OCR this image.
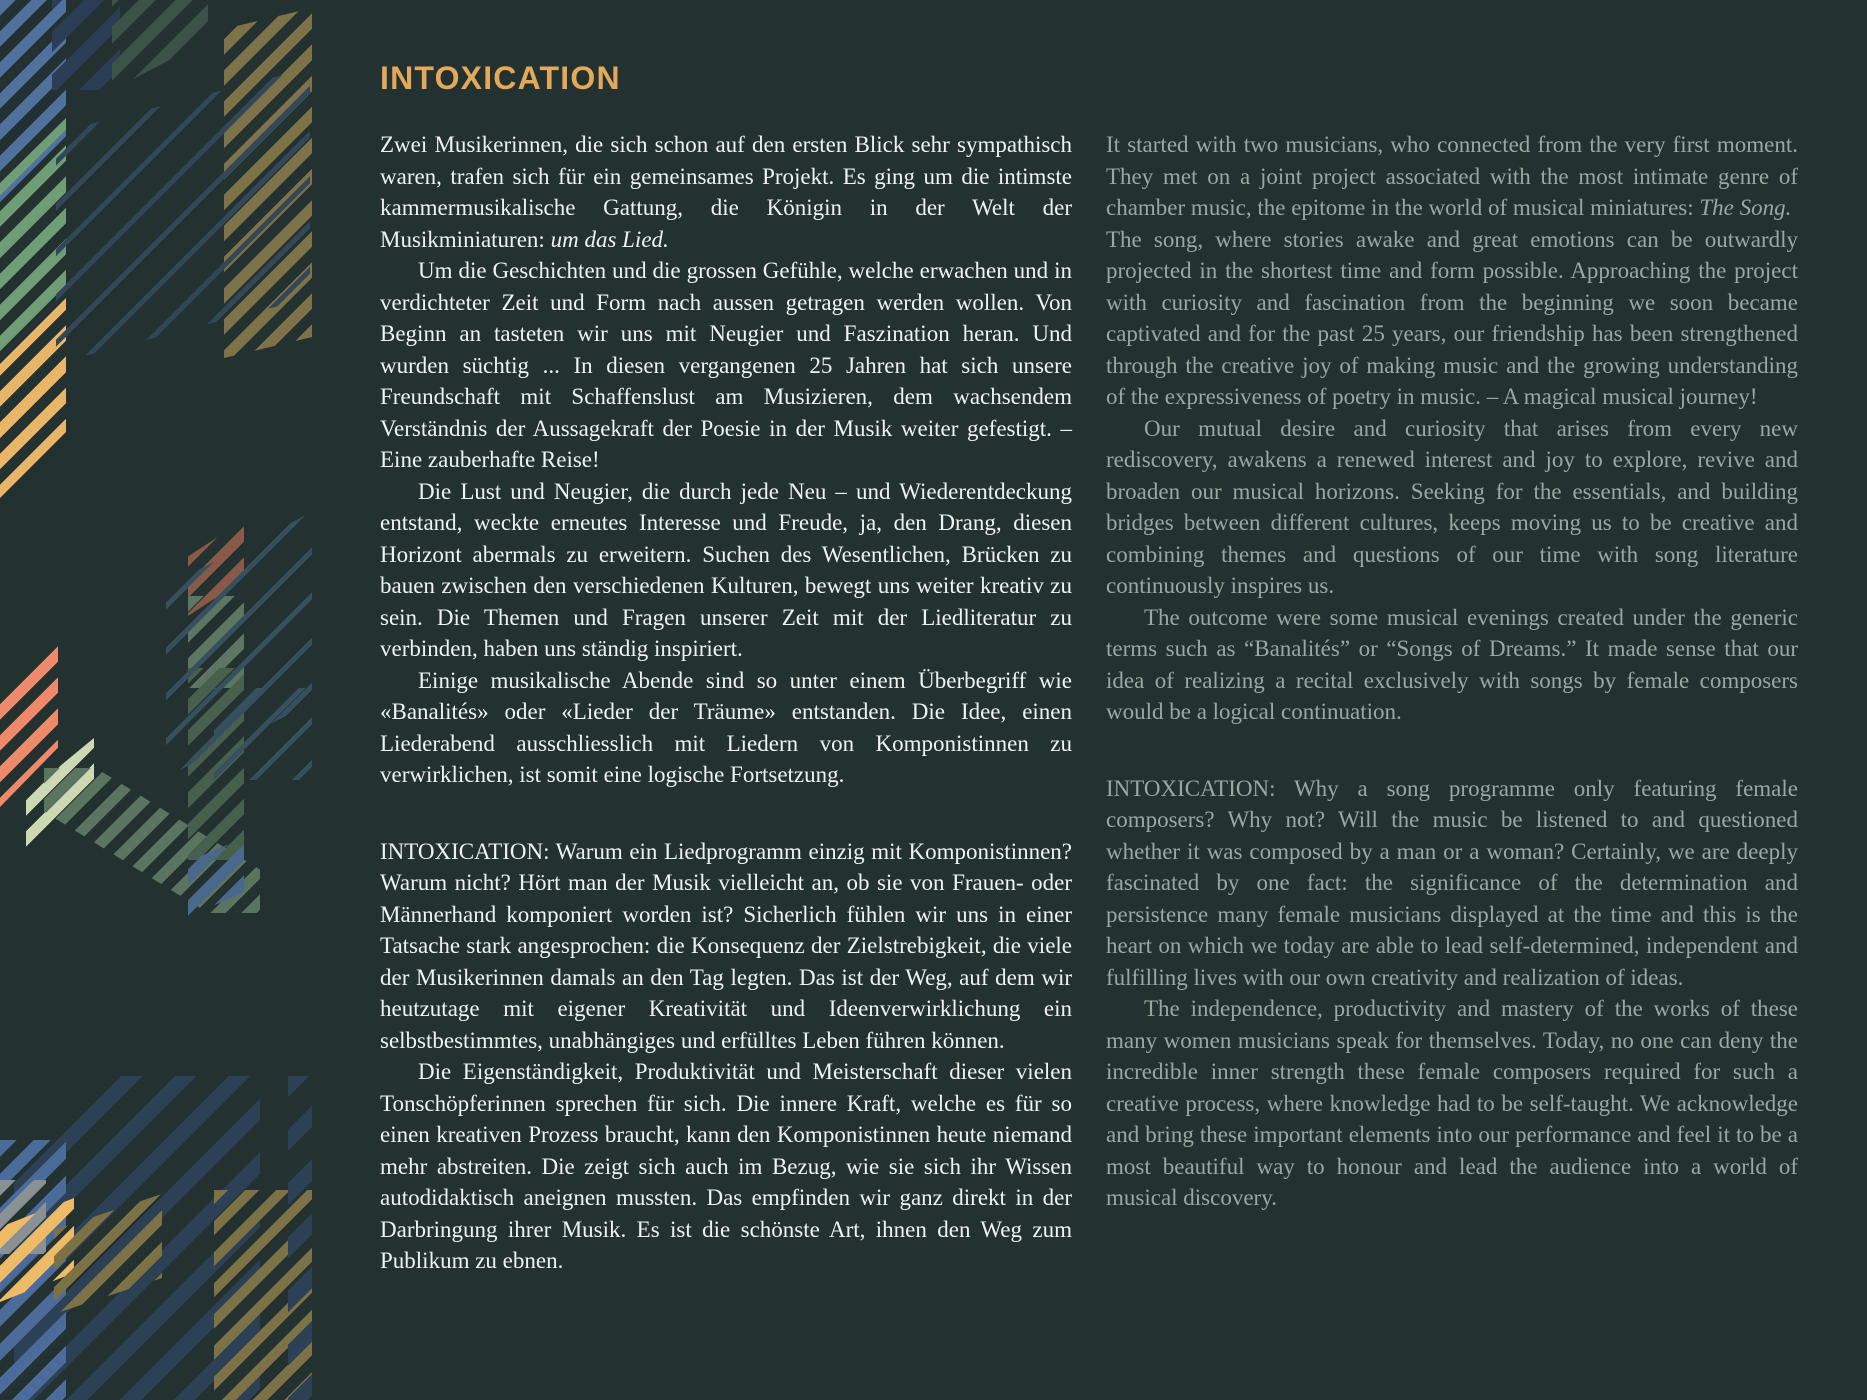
INTOXICATION

Zwei Musikerinnen, die sich schon auf den ersten Blick sehr sympathisch waren, trafen sich für ein gemeinsames Projekt. Es ging um die intimste kammermusikalische Gattung, die Königin in der Welt der Musikminiaturen: um das Lied.

Um die Geschichten und die grossen Gefühle, welche erwachen und in verdichteter Zeit und Form nach aussen getragen werden wollen. Von Beginn an tasteten wir uns mit Neugier und Faszination heran. Und wurden süchtig ... In diesen vergangenen 25 Jahren hat sich unsere Freundschaft mit Schaffenslust am Musizieren, dem wachsendem Verständnis der Aussagekraft der Poesie in der Musik weiter gefestigt. – Eine zauberhafte Reise!

Die Lust und Neugier, die durch jede Neu – und Wiederentdeckung entstand, weckte erneutes Interesse und Freude, ja, den Drang, diesen Horizont abermals zu erweitern. Suchen des Wesentlichen, Brücken zu bauen zwischen den verschiedenen Kulturen, bewegt uns weiter kreativ zu sein. Die Themen und Fragen unserer Zeit mit der Liedliteratur zu verbinden, haben uns ständig inspiriert.

Einige musikalische Abende sind so unter einem Überbegriff wie «Banalités» oder «Lieder der Träume» entstanden. Die Idee, einen Liederabend ausschliesslich mit Liedern von Komponistinnen zu verwirklichen, ist somit eine logische Fortsetzung.

INTOXICATION: Warum ein Liedprogramm einzig mit Komponistinnen? Warum nicht? Hört man der Musik vielleicht an, ob sie von Frauen- oder Männerhand komponiert worden ist? Sicherlich fühlen wir uns in einer Tatsache stark angesprochen: die Konsequenz der Zielstrebigkeit, die viele der Musikerinnen damals an den Tag legten. Das ist der Weg, auf dem wir heutzutage mit eigener Kreativität und Ideenverwirklichung ein selbstbestimmtes, unabhängiges und erfülltes Leben führen können.

Die Eigenständigkeit, Produktivität und Meisterschaft dieser vielen Tonschöpferinnen sprechen für sich. Die innere Kraft, welche es für so einen kreativen Prozess braucht, kann den Komponistinnen heute niemand mehr abstreiten. Die zeigt sich auch im Bezug, wie sie sich ihr Wissen autodidaktisch aneignen mussten. Das empfinden wir ganz direkt in der Darbringung ihrer Musik. Es ist die schönste Art, ihnen den Weg zum Publikum zu ebnen.

It started with two musicians, who connected from the very first moment. They met on a joint project associated with the most intimate genre of chamber music, the epitome in the world of musical miniatures: The Song.

The song, where stories awake and great emotions can be outwardly projected in the shortest time and form possible. Approaching the project with curiosity and fascination from the beginning we soon became captivated and for the past 25 years, our friendship has been strengthened through the creative joy of making music and the growing understanding of the expressiveness of poetry in music. – A magical musical journey!

Our mutual desire and curiosity that arises from every new rediscovery, awakens a renewed interest and joy to explore, revive and broaden our musical horizons. Seeking for the essentials, and building bridges between different cultures, keeps moving us to be creative and combining themes and questions of our time with song literature continuously inspires us.

The outcome were some musical evenings created under the generic terms such as “Banalités” or “Songs of Dreams.” It made sense that our idea of realizing a recital exclusively with songs by female composers would be a logical continuation.

INTOXICATION: Why a song programme only featuring female composers? Why not? Will the music be listened to and questioned whether it was composed by a man or a woman? Certainly, we are deeply fascinated by one fact: the significance of the determination and persistence many female musicians displayed at the time and this is the heart on which we today are able to lead self-determined, independent and fulfilling lives with our own creativity and realization of ideas.

The independence, productivity and mastery of the works of these many women musicians speak for themselves. Today, no one can deny the incredible inner strength these female composers required for such a creative process, where knowledge had to be self-taught. We acknowledge and bring these important elements into our performance and feel it to be a most beautiful way to honour and lead the audience into a world of musical discovery.
